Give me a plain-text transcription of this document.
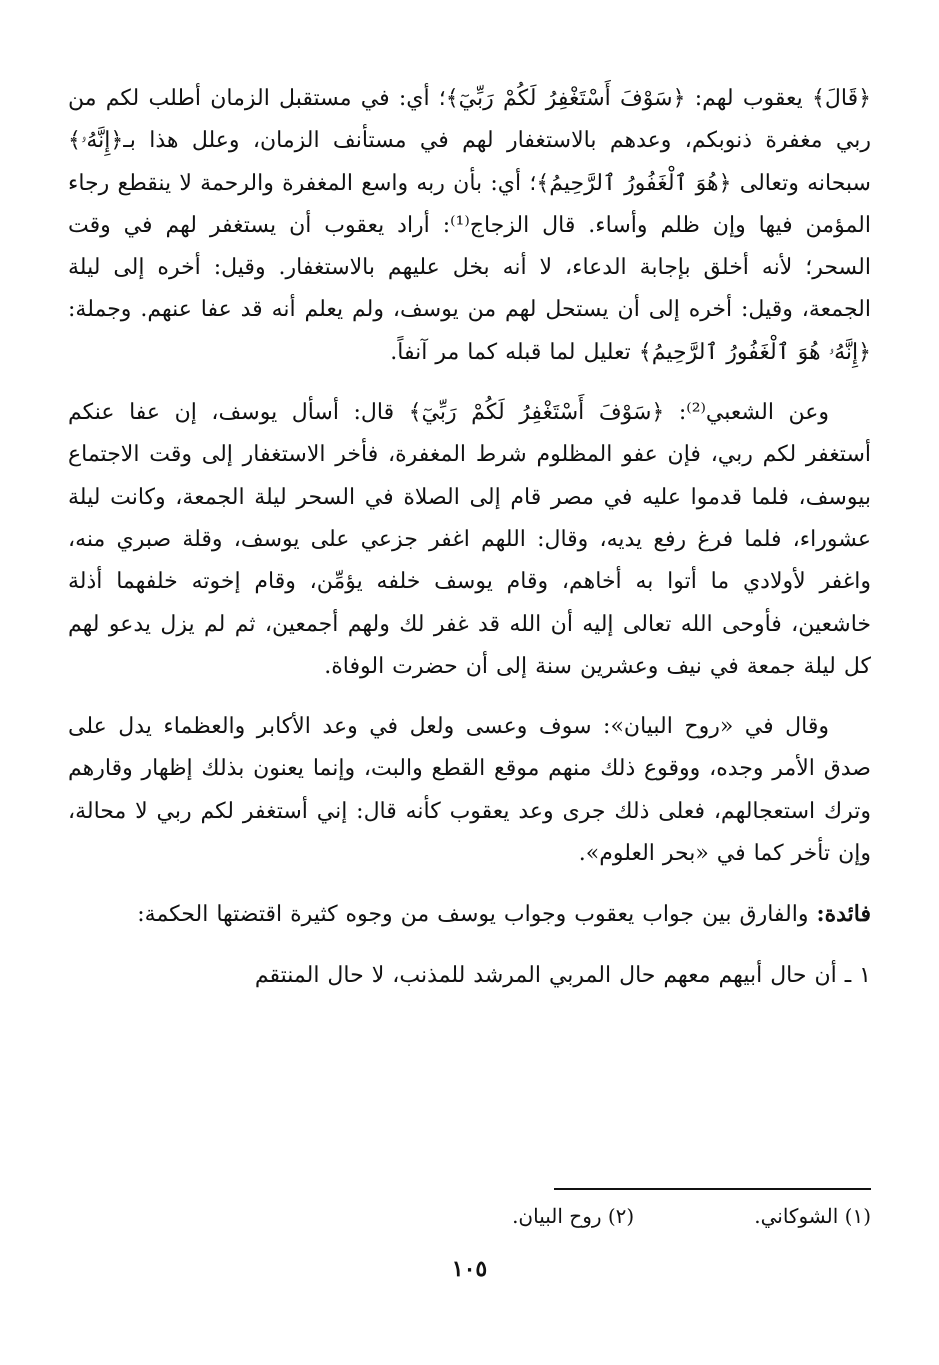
﴿قَالَ﴾ يعقوب لهم: ﴿سَوْفَ أَسْتَغْفِرُ لَكُمْ رَبِّيٓ﴾؛ أي: في مستقبل الزمان أطلب لكم من ربي مغفرة ذنوبكم، وعدهم بالاستغفار لهم في مستأنف الزمان، وعلل هذا بـ﴿إِنَّهُۥ﴾ سبحانه وتعالى ﴿هُوَ ٱلْغَفُورُ ٱلرَّحِيمُ﴾؛ أي: بأن ربه واسع المغفرة والرحمة لا ينقطع رجاء المؤمن فيها وإن ظلم وأساء. قال الزجاج⁽¹⁾: أراد يعقوب أن يستغفر لهم في وقت السحر؛ لأنه أخلق بإجابة الدعاء، لا أنه بخل عليهم بالاستغفار. وقيل: أخره إلى ليلة الجمعة، وقيل: أخره إلى أن يستحل لهم من يوسف، ولم يعلم أنه قد عفا عنهم. وجملة: ﴿إِنَّهُۥ هُوَ ٱلْغَفُورُ ٱلرَّحِيمُ﴾ تعليل لما قبله كما مر آنفاً.

وعن الشعبي⁽²⁾: ﴿سَوْفَ أَسْتَغْفِرُ لَكُمْ رَبِّيٓ﴾ قال: أسأل يوسف، إن عفا عنكم أستغفر لكم ربي، فإن عفو المظلوم شرط المغفرة، فأخر الاستغفار إلى وقت الاجتماع بيوسف، فلما قدموا عليه في مصر قام إلى الصلاة في السحر ليلة الجمعة، وكانت ليلة عشوراء، فلما فرغ رفع يديه، وقال: اللهم اغفر جزعي على يوسف، وقلة صبري منه، واغفر لأولادي ما أتوا به أخاهم، وقام يوسف خلفه يؤمِّن، وقام إخوته خلفهما أذلة خاشعين، فأوحى الله تعالى إليه أن الله قد غفر لك ولهم أجمعين، ثم لم يزل يدعو لهم كل ليلة جمعة في نيف وعشرين سنة إلى أن حضرت الوفاة.

وقال في «روح البيان»: سوف وعسى ولعل في وعد الأكابر والعظماء يدل على صدق الأمر وجده، ووقوع ذلك منهم موقع القطع والبت، وإنما يعنون بذلك إظهار وقارهم وترك استعجالهم، فعلى ذلك جرى وعد يعقوب كأنه قال: إني أستغفر لكم ربي لا محالة، وإن تأخر كما في «بحر العلوم».

فائدة: والفارق بين جواب يعقوب وجواب يوسف من وجوه كثيرة اقتضتها الحكمة:

١ ـ أن حال أبيهم معهم حال المربي المرشد للمذنب، لا حال المنتقم

(١) الشوكاني.
(٢) روح البيان.
١٠٥
